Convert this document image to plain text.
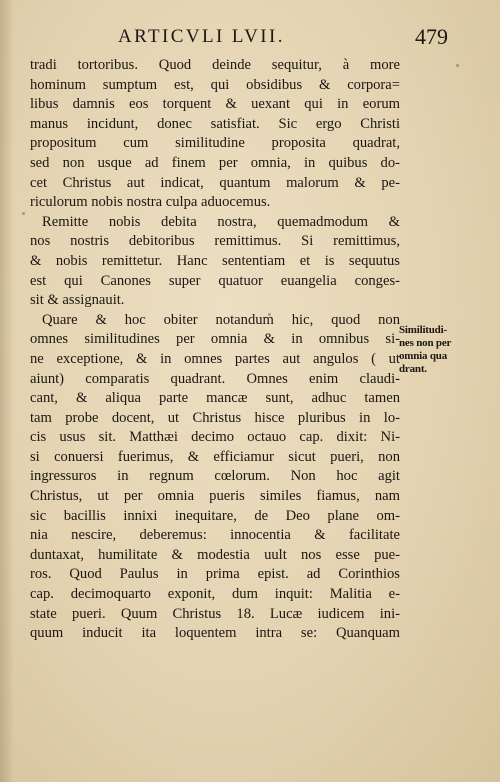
ARTICVLI LVII.	479
tradi tortoribus. Quod deinde sequitur, à more
hominum sumptum est, qui obsidibus & corpora=
libus damnis eos torquent & uexant qui in eorum
manus incidunt, donec satisfiat. Sic ergo Christi
propositum cum similitudine proposita quadrat,
sed non usque ad finem per omnia, in quibus do-
cet Christus aut indicat, quantum malorum & pe-
riculorum nobis nostra culpa aduocemus.
Remitte nobis debita nostra, quemadmodum &
nos nostris debitoribus remittimus. Si remittimus,
& nobis remittetur. Hanc sententiam et is sequutus
est qui Canones super quatuor euangelia conges-
sit & assignauit.
Quare & hoc obiter notandum hic, quod non
omnes similitudines per omnia & in omnibus si-
ne exceptione, & in omnes partes aut angulos ( ut
aiunt) comparatis quadrant. Omnes enim claudi-
cant, & aliqua parte mancæ sunt, adhuc tamen
tam probe docent, ut Christus hisce pluribus in lo-
cis usus sit. Matthæi decimo octauo cap. dixit: Ni-
si conuersi fuerimus, & efficiamur sicut pueri, non
ingressuros in regnum cœlorum. Non hoc agit
Christus, ut per omnia pueris similes fiamus, nam
sic bacillis innixi inequitare, de Deo plane om-
nia nescire, deberemus: innocentia & facilitate
duntaxat, humilitate & modestia uult nos esse pue-
ros. Quod Paulus in prima epist. ad Corinthios
cap. decimoquarto exponit, dum inquit: Malitia e-
state pueri. Quum Christus 18. Lucæ iudicem ini-
quum inducit ita loquentem intra se: Quanquam
Similitudi-
nes non per
omnia qua
drant.
